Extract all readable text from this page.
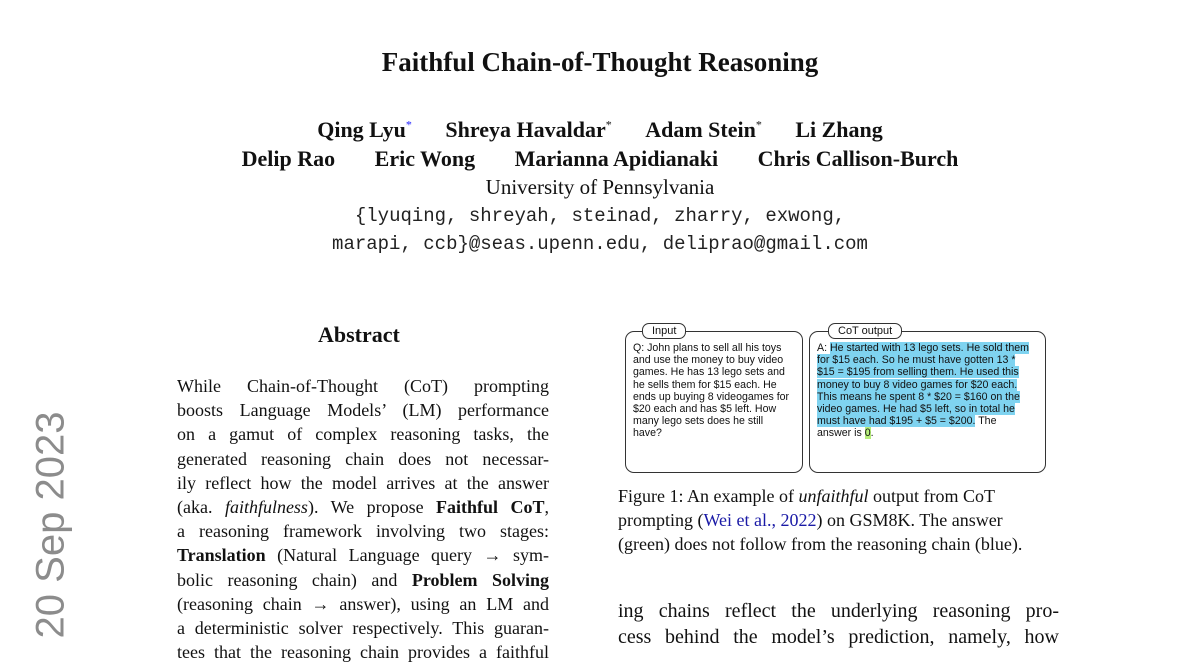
Faithful Chain-of-Thought Reasoning
Qing Lyu* Shreya Havaldar* Adam Stein* Li Zhang
Delip Rao Eric Wong Marianna Apidianaki Chris Callison-Burch
University of Pennsylvania
{lyuqing, shreyah, steinad, zharry, exwong,
marapi, ccb}@seas.upenn.edu, deliprao@gmail.com
20 Sep 2023
Abstract
While Chain-of-Thought (CoT) prompting
boosts Language Models’ (LM) performance
on a gamut of complex reasoning tasks, the
generated reasoning chain does not necessar-
ily reflect how the model arrives at the answer
(aka. faithfulness). We propose Faithful CoT,
a reasoning framework involving two stages:
Translation (Natural Language query → sym-
bolic reasoning chain) and Problem Solving
(reasoning chain → answer), using an LM and
a deterministic solver respectively. This guaran-
tees that the reasoning chain provides a faithful
Input
Q: John plans to sell all his toys and use the money to buy video games. He has 13 lego sets and he sells them for $15 each. He ends up buying 8 videogames for $20 each and has $5 left. How many lego sets does he still have?
CoT output
A: He started with 13 lego sets. He sold them for $15 each. So he must have gotten 13 * $15 = $195 from selling them. He used this money to buy 8 video games for $20 each. This means he spent 8 * $20 = $160 on the video games. He had $5 left, so in total he must have had $195 + $5 = $200. The answer is 0.
Figure 1: An example of unfaithful output from CoT
prompting (Wei et al., 2022) on GSM8K. The answer
(green) does not follow from the reasoning chain (blue).
ing chains reflect the underlying reasoning pro-
cess behind the model’s prediction, namely, how
